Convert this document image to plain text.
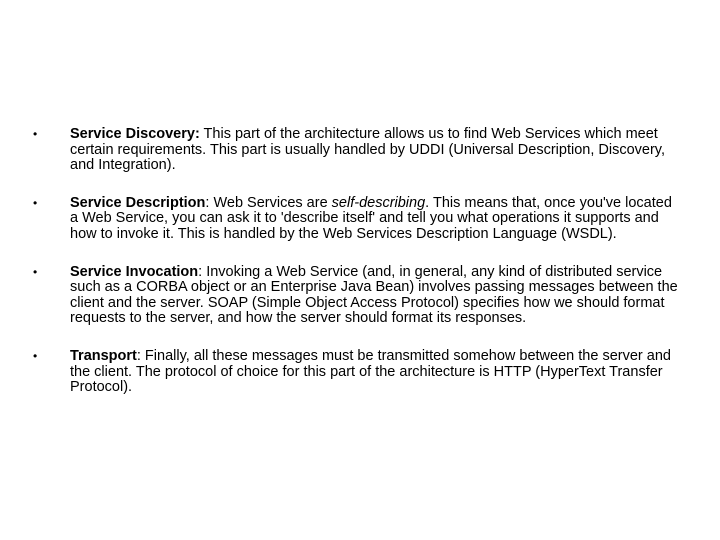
• Service Discovery: This part of the architecture allows us to find Web Services which meet certain requirements. This part is usually handled by UDDI (Universal Description, Discovery, and Integration).
• Service Description: Web Services are self-describing. This means that, once you've located a Web Service, you can ask it to 'describe itself' and tell you what operations it supports and how to invoke it. This is handled by the Web Services Description Language (WSDL).
• Service Invocation: Invoking a Web Service (and, in general, any kind of distributed service such as a CORBA object or an Enterprise Java Bean) involves passing messages between the client and the server. SOAP (Simple Object Access Protocol) specifies how we should format requests to the server, and how the server should format its responses.
• Transport: Finally, all these messages must be transmitted somehow between the server and the client. The protocol of choice for this part of the architecture is HTTP (HyperText Transfer Protocol).
